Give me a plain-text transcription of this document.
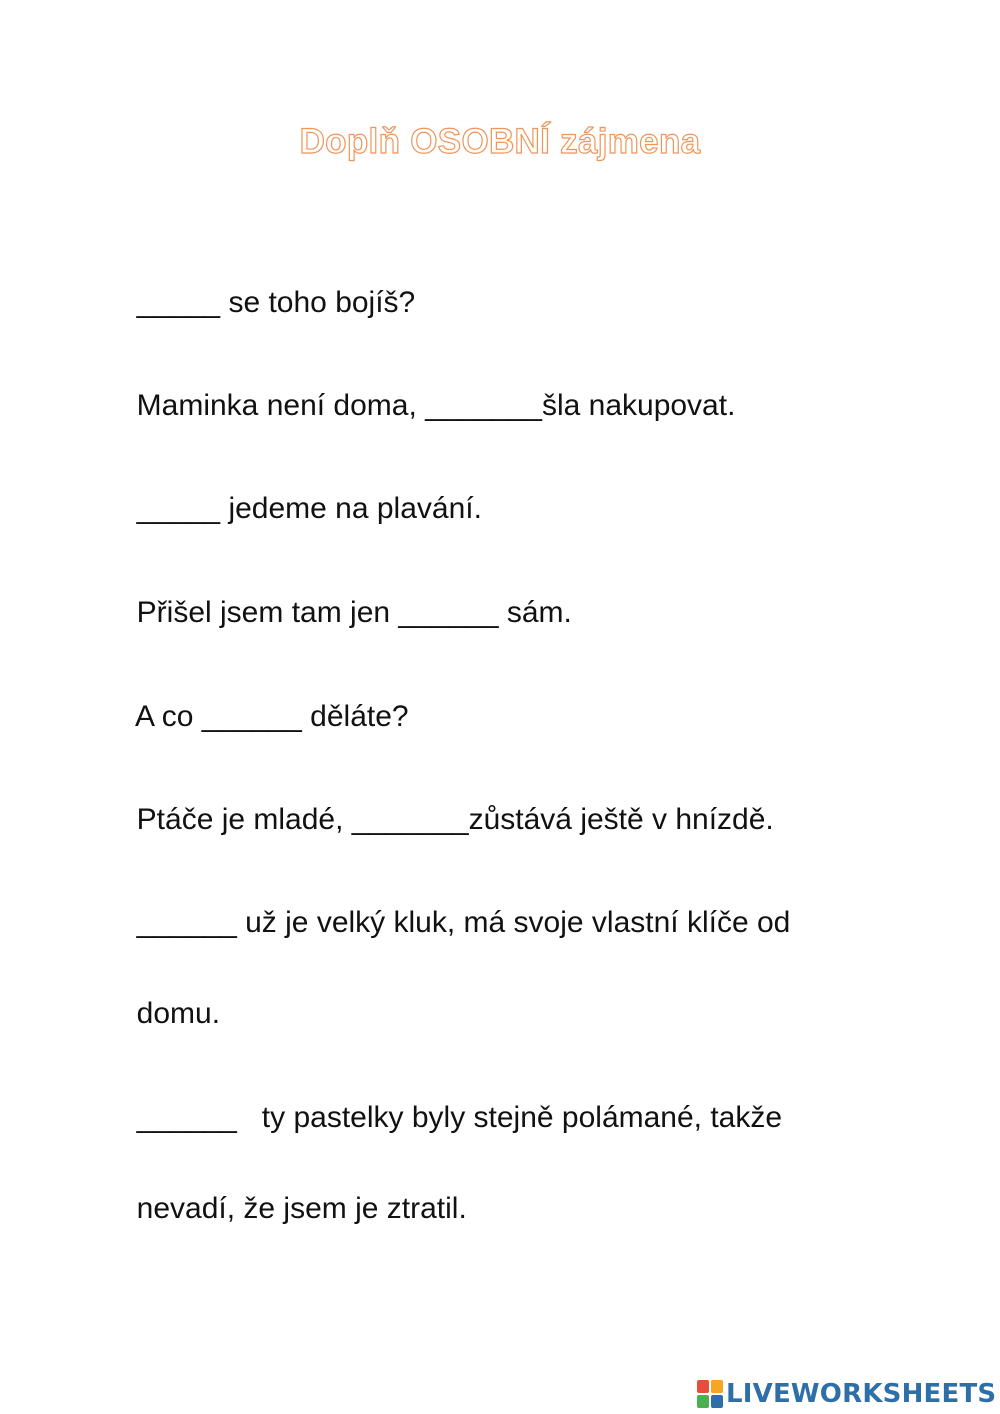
Doplň OSOBNÍ zájmena

_____ se toho bojíš?

Maminka není doma, _______šla nakupovat.

_____ jedeme na plavání.

Přišel jsem tam jen ______ sám.

A co ______ děláte?

Ptáče je mladé, _______zůstává ještě v hnízdě.

______ už je velký kluk, má svoje vlastní klíče od

domu.

______   ty pastelky byly stejně polámané, takže

nevadí, že jsem je ztratil.

LIVEWORKSHEETS
